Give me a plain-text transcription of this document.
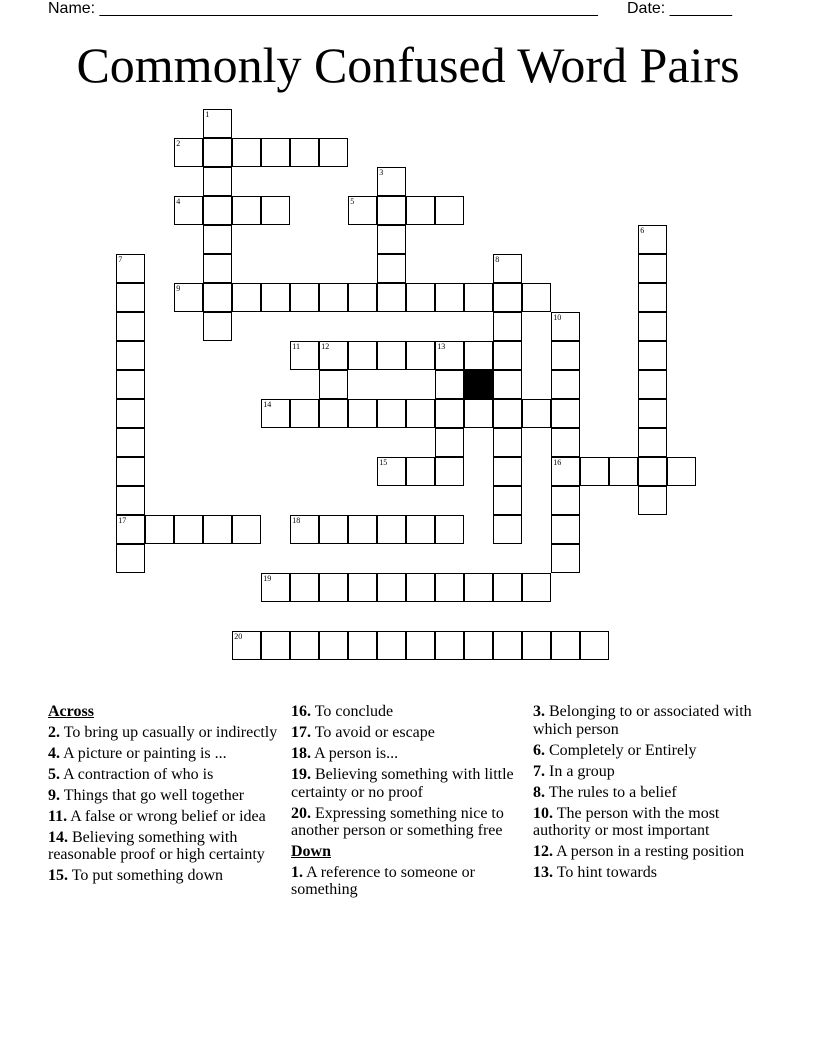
Name: ________________________________________________________ Date: _______
Commonly Confused Word Pairs
1
2
3
4	5
6
7
17
8
9
10
16
11	12	13
14
15
18
19
20
Across
2. To bring up casually or indirectly
4. A picture or painting is ...
5. A contraction of who is
9. Things that go well together
11. A false or wrong belief or idea
14. Believing something with reasonable proof or high certainty
15. To put something down
16. To conclude
17. To avoid or escape
18. A person is...
19. Believing something with little certainty or no proof
20. Expressing something nice to another person or something free
Down
1. A reference to someone or something
3. Belonging to or associated with which person
6. Completely or Entirely
7. In a group
8. The rules to a belief
10. The person with the most authority or most important
12. A person in a resting position
13. To hint towards
